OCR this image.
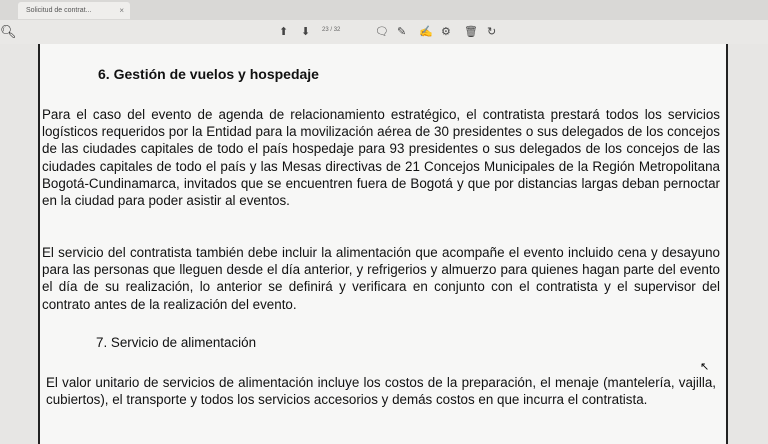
Solicitud de contrat...	×
🔍︎	⬆︎ ⬇︎ 23 / 32	🗨︎ ✎ ✍ ⚙︎ 🗑︎ ↻
6. Gestión de vuelos y hospedaje

Para el caso del evento de agenda de relacionamiento estratégico, el contratista prestará todos los servicios logísticos requeridos por la Entidad para la movilización aérea de 30 presidentes o sus delegados de los concejos de las ciudades capitales de todo el país hospedaje para 93 presidentes o sus delegados de los concejos de las ciudades capitales de todo el país y las Mesas directivas de 21 Concejos Municipales de la Región Metropolitana Bogotá-Cundinamarca, invitados que se encuentren fuera de Bogotá y que por distancias largas deban pernoctar en la ciudad para poder asistir al eventos.

El servicio del contratista también debe incluir la alimentación que acompañe el evento incluido cena y desayuno para las personas que lleguen desde el día anterior, y refrigerios y almuerzo para quienes hagan parte del evento el día de su realización, lo anterior se definirá y verificara en conjunto con el contratista y el supervisor del contrato antes de la realización del evento.

7. Servicio de alimentación

El valor unitario de servicios de alimentación incluye los costos de la preparación, el menaje (mantelería, vajilla, cubiertos), el transporte y todos los servicios accesorios y demás costos en que incurra el contratista.

↖
